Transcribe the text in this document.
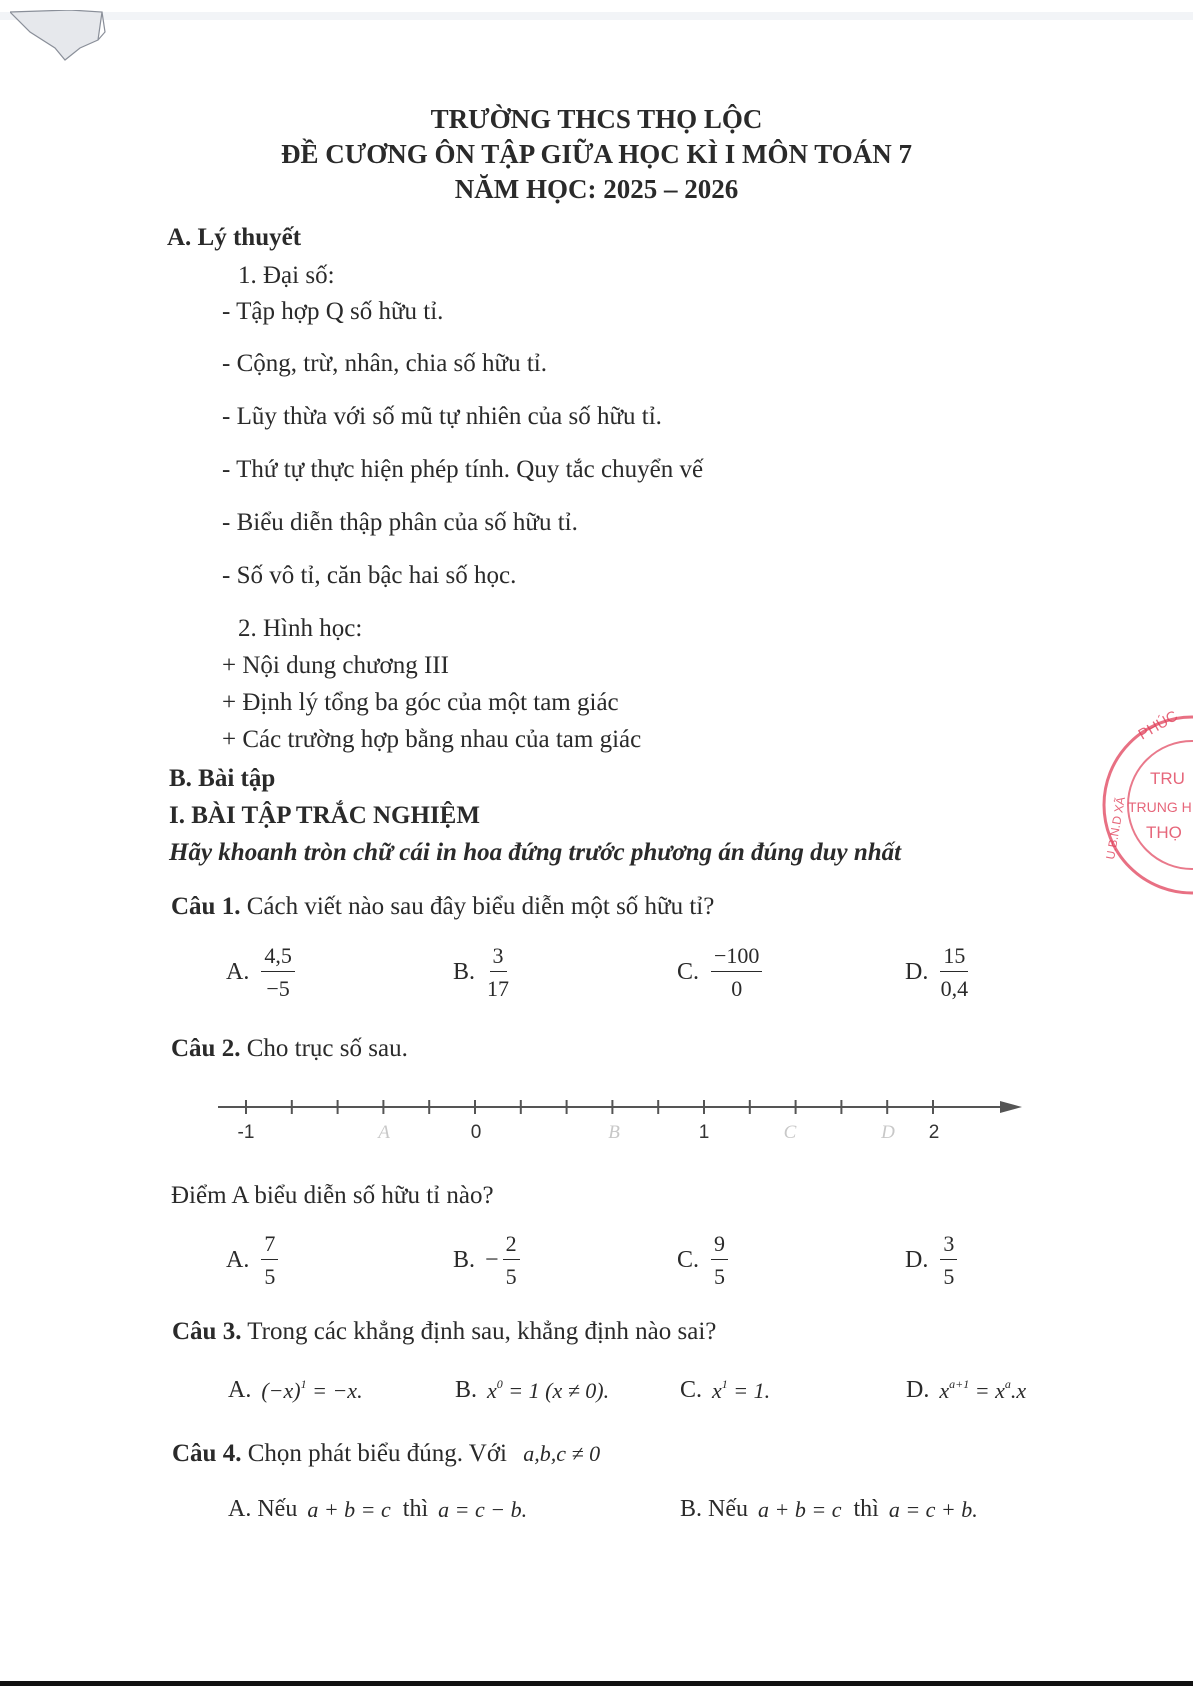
TRƯỜNG THCS THỌ LỘC
ĐỀ CƯƠNG ÔN TẬP GIỮA HỌC KÌ I MÔN TOÁN 7
NĂM HỌC: 2025 – 2026
A. Lý thuyết
1. Đại số:
- Tập hợp Q số hữu tỉ.
- Cộng, trừ, nhân, chia số hữu tỉ.
- Lũy thừa với số mũ tự nhiên của số hữu tỉ.
- Thứ tự thực hiện phép tính. Quy tắc chuyển vế
- Biểu diễn thập phân của số hữu tỉ.
- Số vô tỉ, căn bậc hai số học.
2. Hình học:
+ Nội dung chương III
+ Định lý tổng ba góc của một tam giác
+ Các trường hợp bằng nhau của tam giác
B. Bài tập
I. BÀI TẬP TRẮC NGHIỆM
Hãy khoanh tròn chữ cái in hoa đứng trước phương án đúng duy nhất
Câu 1. Cách viết nào sau đây biểu diễn một số hữu tỉ?
A. $\frac{4,5}{-5}$	B. $\frac{3}{17}$	C. $\frac{-100}{0}$	D. $\frac{15}{0,4}$
Câu 2. Cho trục số sau.
-1	0	1	2
A	B	C	D
Điểm A biểu diễn số hữu tỉ nào?
A. $\frac{7}{5}$	B. − $\frac{2}{5}$	C. $\frac{9}{5}$	D. $\frac{3}{5}$
Câu 3. Trong các khẳng định sau, khẳng định nào sai?
A. $(-x)^1 = -x$.	B. $x^0 = 1$ (x ≠ 0).	C. $x^1 = 1$.	D. $x^{a+1} = x^a.x$
Câu 4. Chọn phát biểu đúng. Với a,b,c ≠ 0
A. Nếu a + b = c thì a = c − b.	B. Nếu a + b = c thì a = c + b.
PHÚC
U.B.N.D XÃ
TRU
TRUNG H
THỌ
